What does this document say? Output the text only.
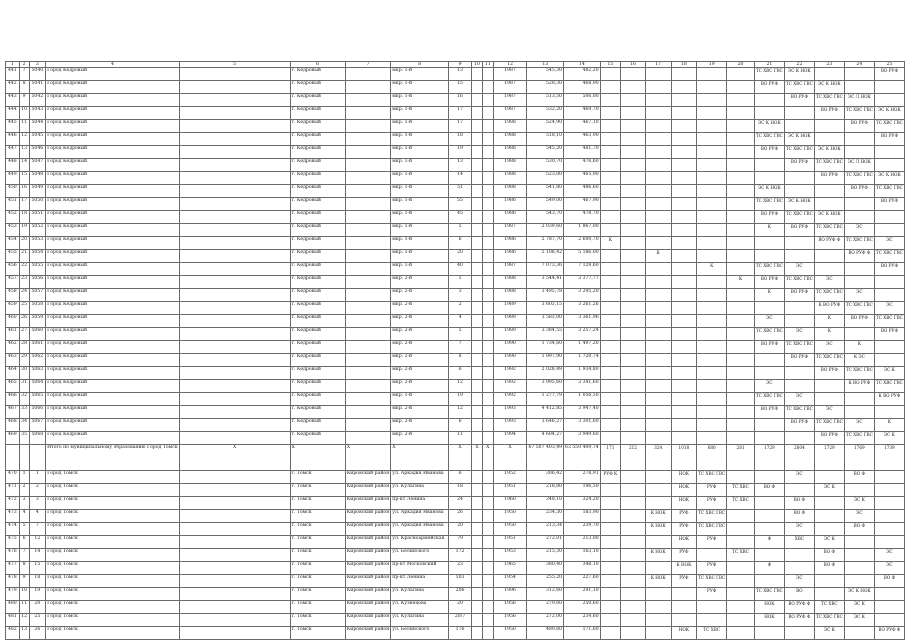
1	2	3	4	5	6	7	8	9	10	11	12	13	14	15	16	17	18	19	20	21	22	23	24	25
441	7	5040	Город Кедровый		г. Кедровый		мкр. 1-й	13			1987	545,30	482,20							ТС ХВС ГВС	ЭС К НОК			ВО РУФ
442	8	5041	Город Кедровый		г. Кедровый		мкр. 1-й	15			1987	528,30	468,90							ВО РУФ	ТС ХВС ГВС	ЭС К НОК		
443	9	5042	Город Кедровый		г. Кедровый		мкр. 1-й	16			1987	513,50	506,00								ВО РУФ	ТС ХВС ГВС	ЭС Л НОК	
444	10	5043	Город Кедровый		г. Кедровый		мкр. 1-й	17			1987	532,20	469,70									ВО РУФ	ТС ХВС ГВС	ЭС К НОК
445	11	5044	Город Кедровый		г. Кедровый		мкр. 1-й	17			1988	524,90	467,10							ЭС К НОК			ВО РУФ	ТС ХВС ГВС
446	12	5045	Город Кедровый		г. Кедровый		мкр. 1-й	18			1988	518,10	463,90							ТС ХВС ГВС	ЭС К НОК			ВО РУФ
447	13	5046	Город Кедровый		г. Кедровый		мкр. 1-й	19			1988	545,20	481,70							ВО РУФ	ТС ХВС ГВС	ЭС К НОК		
448	14	5047	Город Кедровый		г. Кедровый		мкр. 1-й	13			1988	530,70	476,60								ВО РУФ	ТС ХВС ГВС	ЭС Л НОК	
449	15	5048	Город Кедровый		г. Кедровый		мкр. 1-й	14			1988	523,00	465,90									ВО РУФ	ТС ХВС ГВС	ЭС К НОК
450	16	5049	Город Кедровый		г. Кедровый		мкр. 1-й	51			1988	541,80	486,60							ЭС К НОК			ВО РУФ	ТС ХВС ГВС
451	17	5050	Город Кедровый		г. Кедровый		мкр. 1-й	55			1986	549,00	467,90							ТС ХВС ГВС	ЭС К НОК			ВО РУФ
452	18	5051	Город Кедровый		г. Кедровый		мкр. 1-й	45			1986	543,70	478,70							ВО РУФ	ТС ХВС ГВС	ЭС К НОК		
453	19	5052	Город Кедровый		г. Кедровый		мкр. 1-й	5			1987	2 039,60	1 867,00							К	ВО РУФ	ТС ХВС ГВС	ЭС	
454	20	5053	Город Кедровый		г. Кедровый		мкр. 1-й	6			1986	2 787,70	2 600,70	К								ВО РУФ Ф	ТС ХВС ГВС	ЭС
455	21	5054	Город Кедровый		г. Кедровый		мкр. 1-й	20			1986	5 108,42	5 186,00			К							ВО РУФ Ф	ТС ХВС ГВС
456	22	5055	Город Кедровый		г. Кедровый		мкр. 1-й	40			1987	7 073,36	7 129,60					К		ТС ХВС ГВС	ЭС			ВО РУФ
457	23	5056	Город Кедровый		г. Кедровый		мкр. 2-й	1			1988	3 544,41	3 377,77						К	ВО РУФ	ТС ХВС ГВС	ЭС		
458	24	5057	Город Кедровый		г. Кедровый		мкр. 2-й	3			1988	3 495,78	3 295,20							К	ВО РУФ	ТС ХВС ГВС	ЭС	
459	25	5058	Город Кедровый		г. Кедровый		мкр. 2-й	2			1989	3 603,15	3 261,26									К ВО РУФ	ТС ХВС ГВС	ЭС
460	26	5059	Город Кедровый		г. Кедровый		мкр. 2-й	4			1989	3 583,00	3 361,96							ЭС		К	ВО РУФ	ТС ХВС ГВС
461	27	5060	Город Кедровый		г. Кедровый		мкр. 2-й	5			1989	3 384,55	3 257,24							ТС ХВС ГВС	ЭС	К		ВО РУФ
462	28	5061	Город Кедровый		г. Кедровый		мкр. 2-й	7			1990	1 734,60	1 497,20							ВО РУФ	ТС ХВС ГВС	ЭС	К	
463	29	5062	Город Кедровый		г. Кедровый		мкр. 2-й	8			1990	1 997,90	1 720,74								ВО РУФ	ТС ХВС ГВС	К ЭС	
464	30	5063	Город Кедровый		г. Кедровый		мкр. 2-й	6			1992	2 028,49	1 934,80									ВО РУФ	ТС ХВС ГВС	ЭС К
465	31	5064	Город Кедровый		г. Кедровый		мкр. 2-й	12			1992	3 995,60	3 341,60							ЭС			К ВО РУФ	ТС ХВС ГВС
466	32	5065	Город Кедровый		г. Кедровый		мкр. 1-й	19			1992	1 277,79	1 056,50							ТС ХВС ГВС	ЭС			К ВО РУФ
467	33	5066	Город Кедровый		г. Кедровый		мкр. 2-й	12			1993	4 412,85	3 947,40							ВО РУФ	ТС ХВС ГВС	ЭС		
468	34	5067	Город Кедровый		г. Кедровый		мкр. 2-й	6			1993	3 646,27	3 301,60								ВО РУФ	ТС ХВС ГВС	ЭС	К
469	35	5068	Город Кедровый		г. Кедровый		мкр. 2-й	11			1994	4 604,27	3 949,60									ВО РУФ	ТС ХВС ГВС	ЭС К
			Итого по муниципальному образованию Город Томск	Х	Х	Х	Х	Х	Х	Х	Х	67 507 403,49	63 550 409,74	171	212	324	1018	680	281	1729	2604	1729	1769	1739
470	1	1	Город Томск		г. Томск	Кировский район	ул. Аркадия Иванова	6			1952	306,42	278,91	РУФ К			НОК	ТС ХВС ГВС			ЭС		ВО Ф	
471	2	2	Город Томск		г. Томск	Кировский район	ул. Кулагина	18			1951	218,80	196,50				НОК	РУФ	ТС ХВС	ВО Ф		ЭС К		
472	3	3	Город Томск		г. Томск	Кировский район	пр-кт Ленина	24			1960	348,10	324,20				НОК	РУФ	ТС ХВС		ВО Ф		ЭС К	
473	4	4	Город Томск		г. Томск	Кировский район	ул. Аркадия Иванова	26			1950	234,30	183,90			К НОК	РУФ	ТС ХВС ГВС			ВО Ф		ЭС	
474	5	7	Город Томск		г. Томск	Кировский район	ул. Аркадия Иванова	20			1950	213,34	239,70			К НОК	РУФ	ТС ХВС ГВС			ЭС		ВО Ф	
475	6	12	Город Томск		г. Томск	Кировский район	ул. Красноармейская	79			1951	272,01	213,00				НОК	РУФ		Ф	ХВС	ЭС К		
476	7	14	Город Томск		г. Томск	Кировский район	ул. Белинского	172			1953	215,30	163,10			К НОК	РУФ		ТС ХВС			ВО Ф		ЭС
477	8	15	Город Томск		г. Томск	Кировский район	пр-кт Московский	23			1965	380,40	348,10				К НОК	РУФ		Ф		ВО Ф		ЭС
478	9	18	Город Томск		г. Томск	Кировский район	пр-кт Ленина	103			1954	255,20	227,60			К НОК	РУФ	ТС ХВС ГВС			ЭС			ВО Ф
479	10	19	Город Томск		г. Томск	Кировский район	ул. Кулагина	206			1996	312,60	291,10					РУФ		ТС ХВС ГВС	ВО		ЭС К НОК	
480	11	20	Город Томск		г. Томск	Кировский район	ул. Кузнецова	20			1956	279,60	250,60							НОК	ВО РУФ Ф	ТС ХВС	ЭС К	
481	12	25	Город Томск		г. Томск	Кировский район	ул. Кулагина	20/7			1956	272,00	234,60							НОК	ВО РУФ Ф	ТС ХВС ГВС	ЭС К	
482	13	26	Город Томск		г. Томск	Кировский район	ул. Белинского	176			1950	489,60	171,60				НОК	ТС ХВС				ЭС К		ВО РУФ Ф
